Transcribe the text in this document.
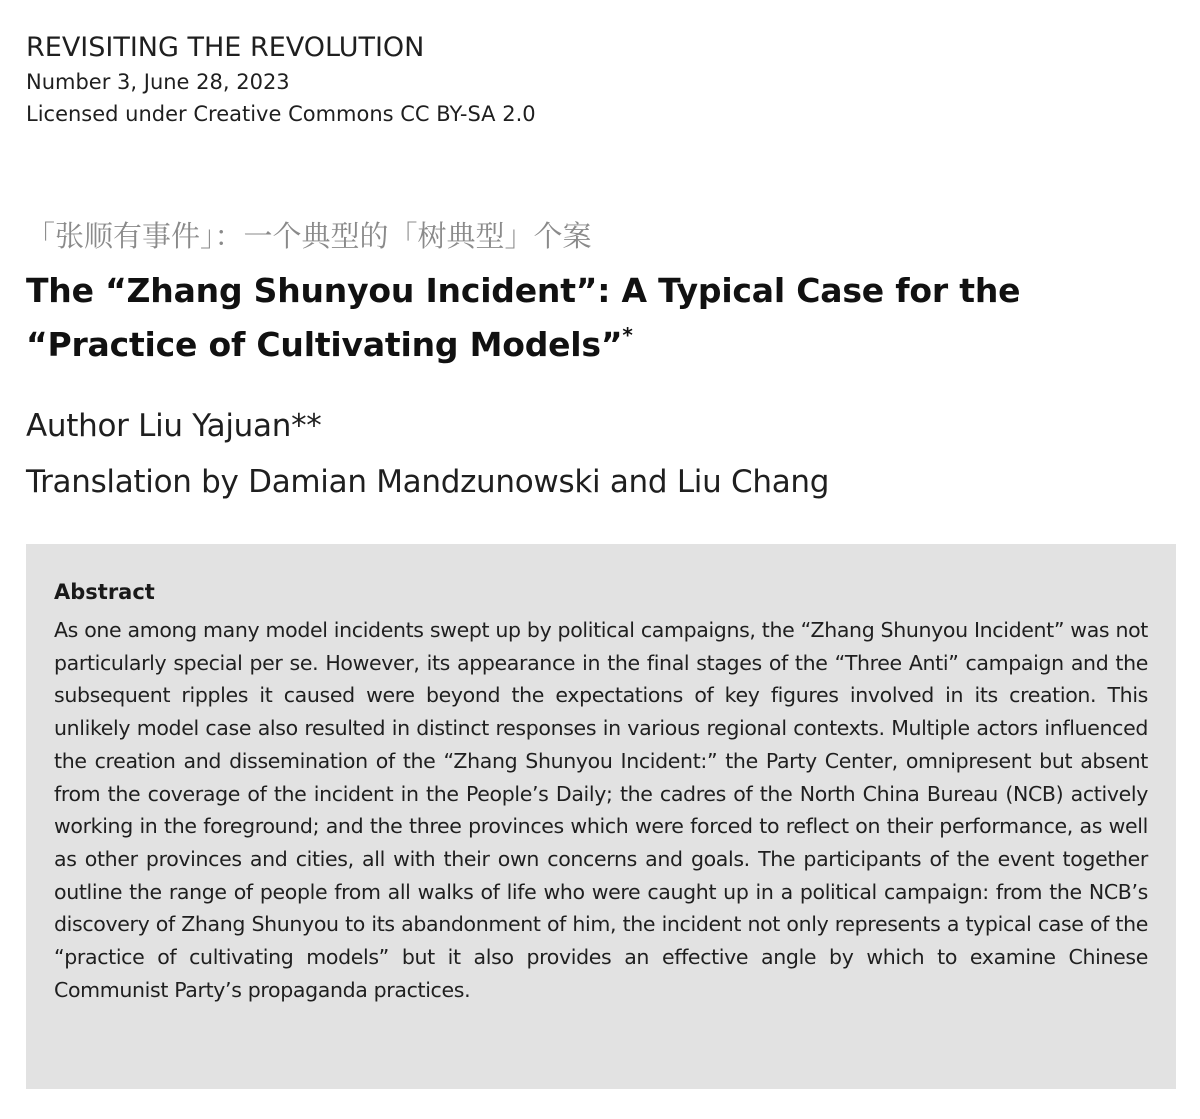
REVISITING THE REVOLUTION
Number 3, June 28, 2023
Licensed under Creative Commons CC BY-SA 2.0
「张顺有事件」：一个典型的「树典型」个案
The “Zhang Shunyou Incident”: A Typical Case for the “Practice of Cultivating Models”*
Author Liu Yajuan**
Translation by Damian Mandzunowski and Liu Chang
Abstract
As one among many model incidents swept up by political campaigns, the “Zhang Shunyou Incident” was not particularly special per se. However, its appearance in the final stages of the “Three Anti” campaign and the subsequent ripples it caused were beyond the expectations of key figures involved in its creation. This unlikely model case also resulted in distinct responses in various regional contexts. Multiple actors influenced the creation and dissemination of the “Zhang Shunyou Incident:” the Party Center, omnipresent but absent from the coverage of the incident in the People’s Daily; the cadres of the North China Bureau (NCB) actively working in the foreground; and the three provinces which were forced to reflect on their performance, as well as other provinces and cities, all with their own concerns and goals. The participants of the event together outline the range of people from all walks of life who were caught up in a political campaign: from the NCB’s discovery of Zhang Shunyou to its abandonment of him, the incident not only represents a typical case of the “practice of cultivating models” but it also provides an effective angle by which to examine Chinese Communist Party’s propaganda practices.
